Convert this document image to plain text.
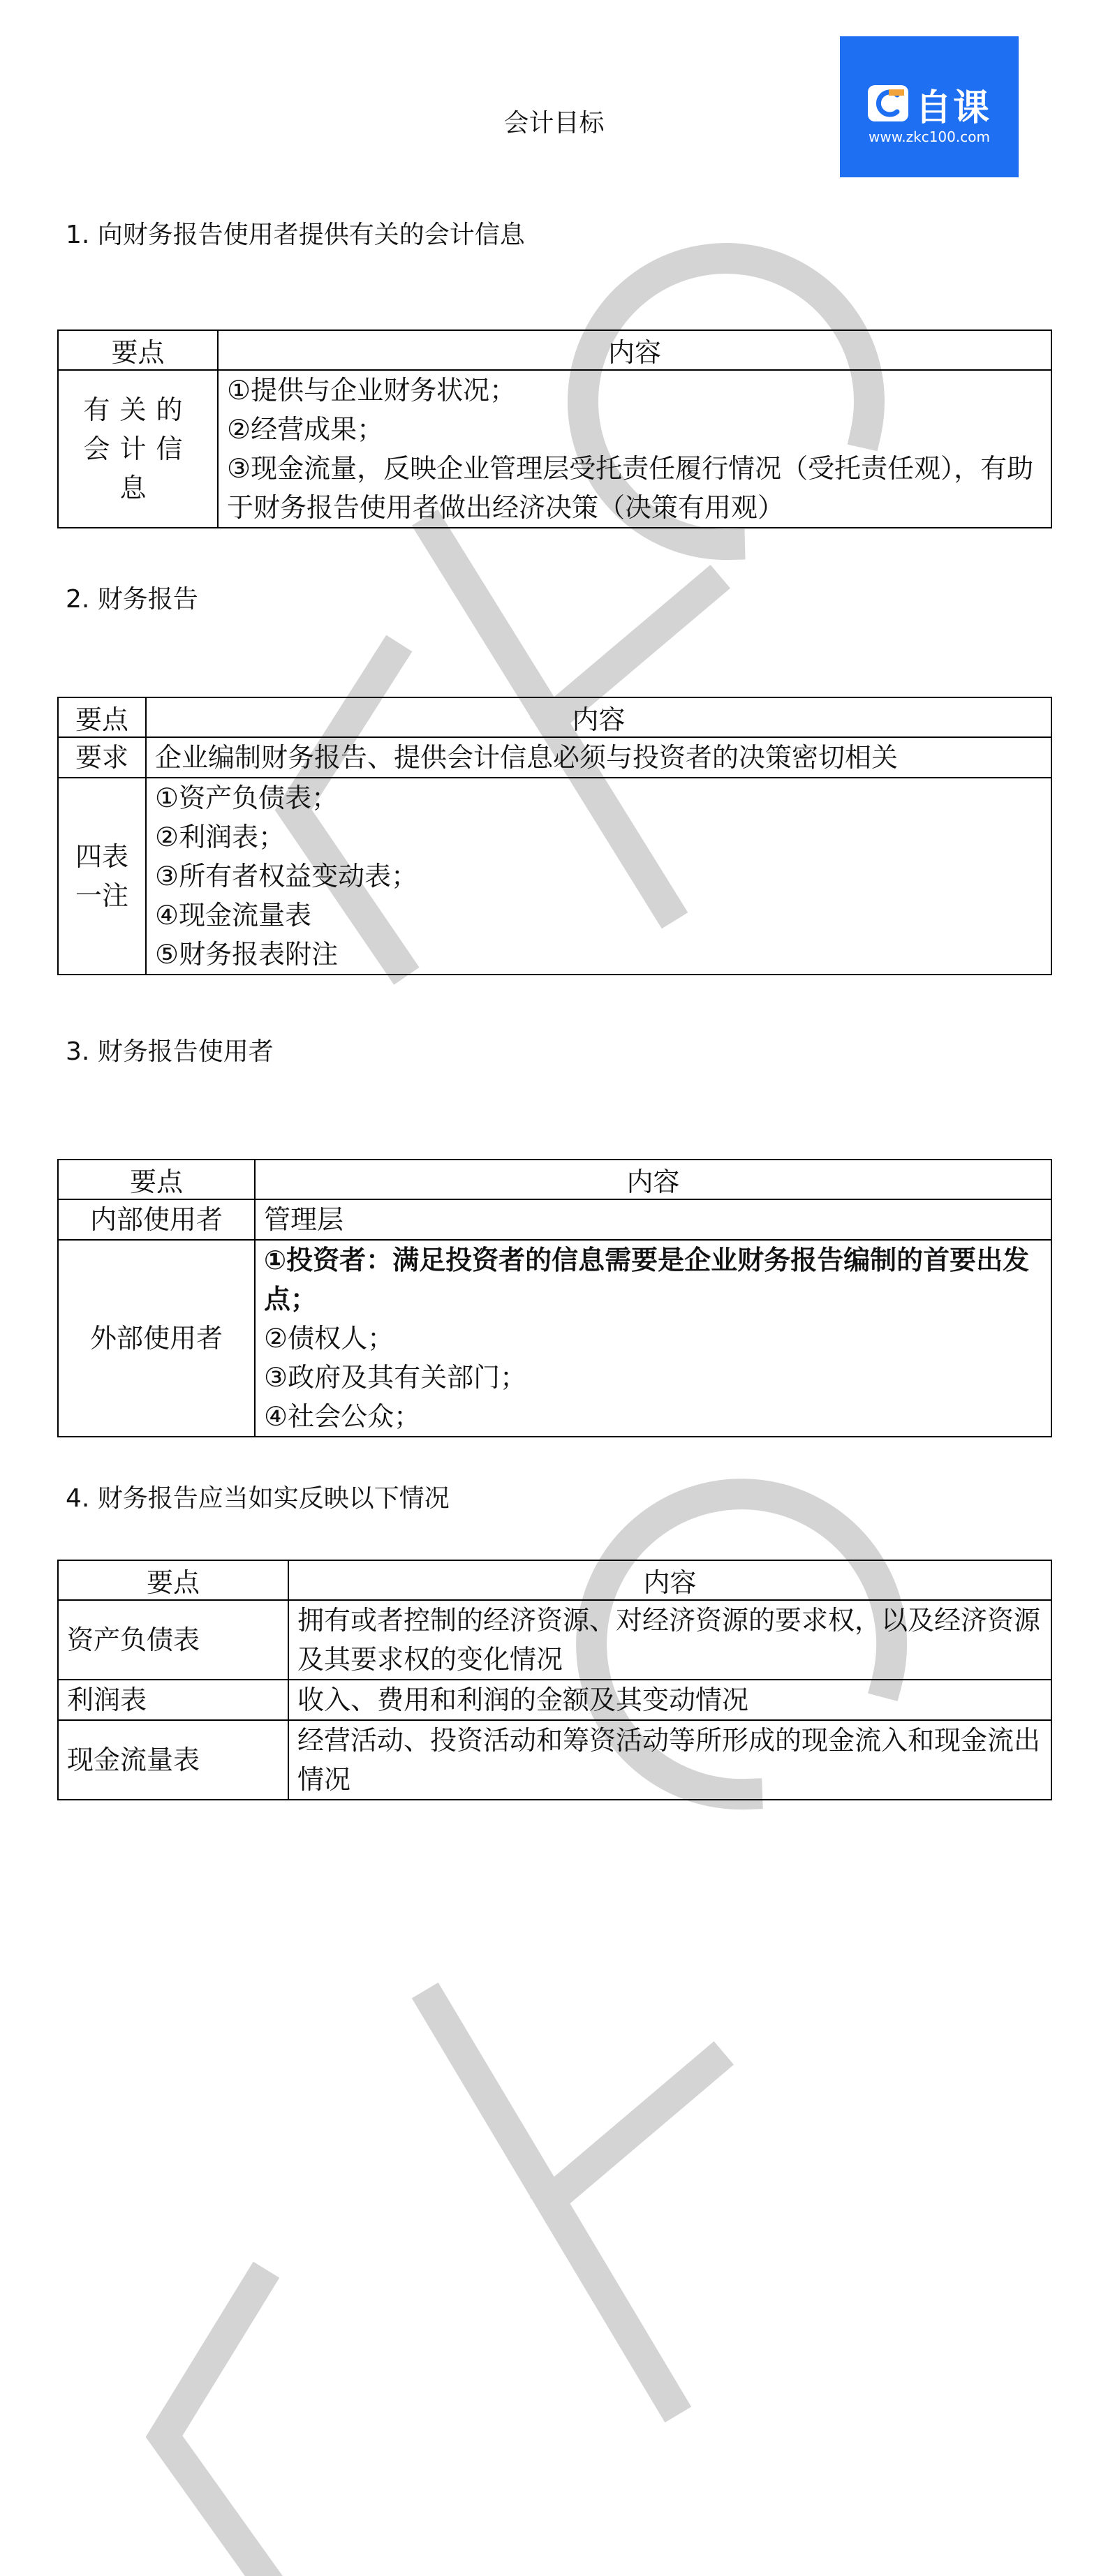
会计目标	自课
www.zkc100.com
1. 向财务报告使用者提供有关的会计信息
要点	内容

有关的会计信息	①提供与企业财务状况；
②经营成果；
③现金流量，反映企业管理层受托责任履行情况（受托责任观），有助于财务报告使用者做出经济决策（决策有用观）
2. 财务报告
要点	内容

要求	企业编制财务报告、提供会计信息必须与投资者的决策密切相关

四表一注	①资产负债表；
②利润表；
③所有者权益变动表；
④现金流量表
⑤财务报表附注
3. 财务报告使用者
要点	内容

内部使用者	管理层

外部使用者	①投资者：满足投资者的信息需要是企业财务报告编制的首要出发点；
②债权人；
③政府及其有关部门；
④社会公众；
4. 财务报告应当如实反映以下情况
要点	内容

资产负债表	拥有或者控制的经济资源、对经济资源的要求权，以及经济资源及其要求权的变化情况

利润表	收入、费用和利润的金额及其变动情况

现金流量表	经营活动、投资活动和筹资活动等所形成的现金流入和现金流出情况
